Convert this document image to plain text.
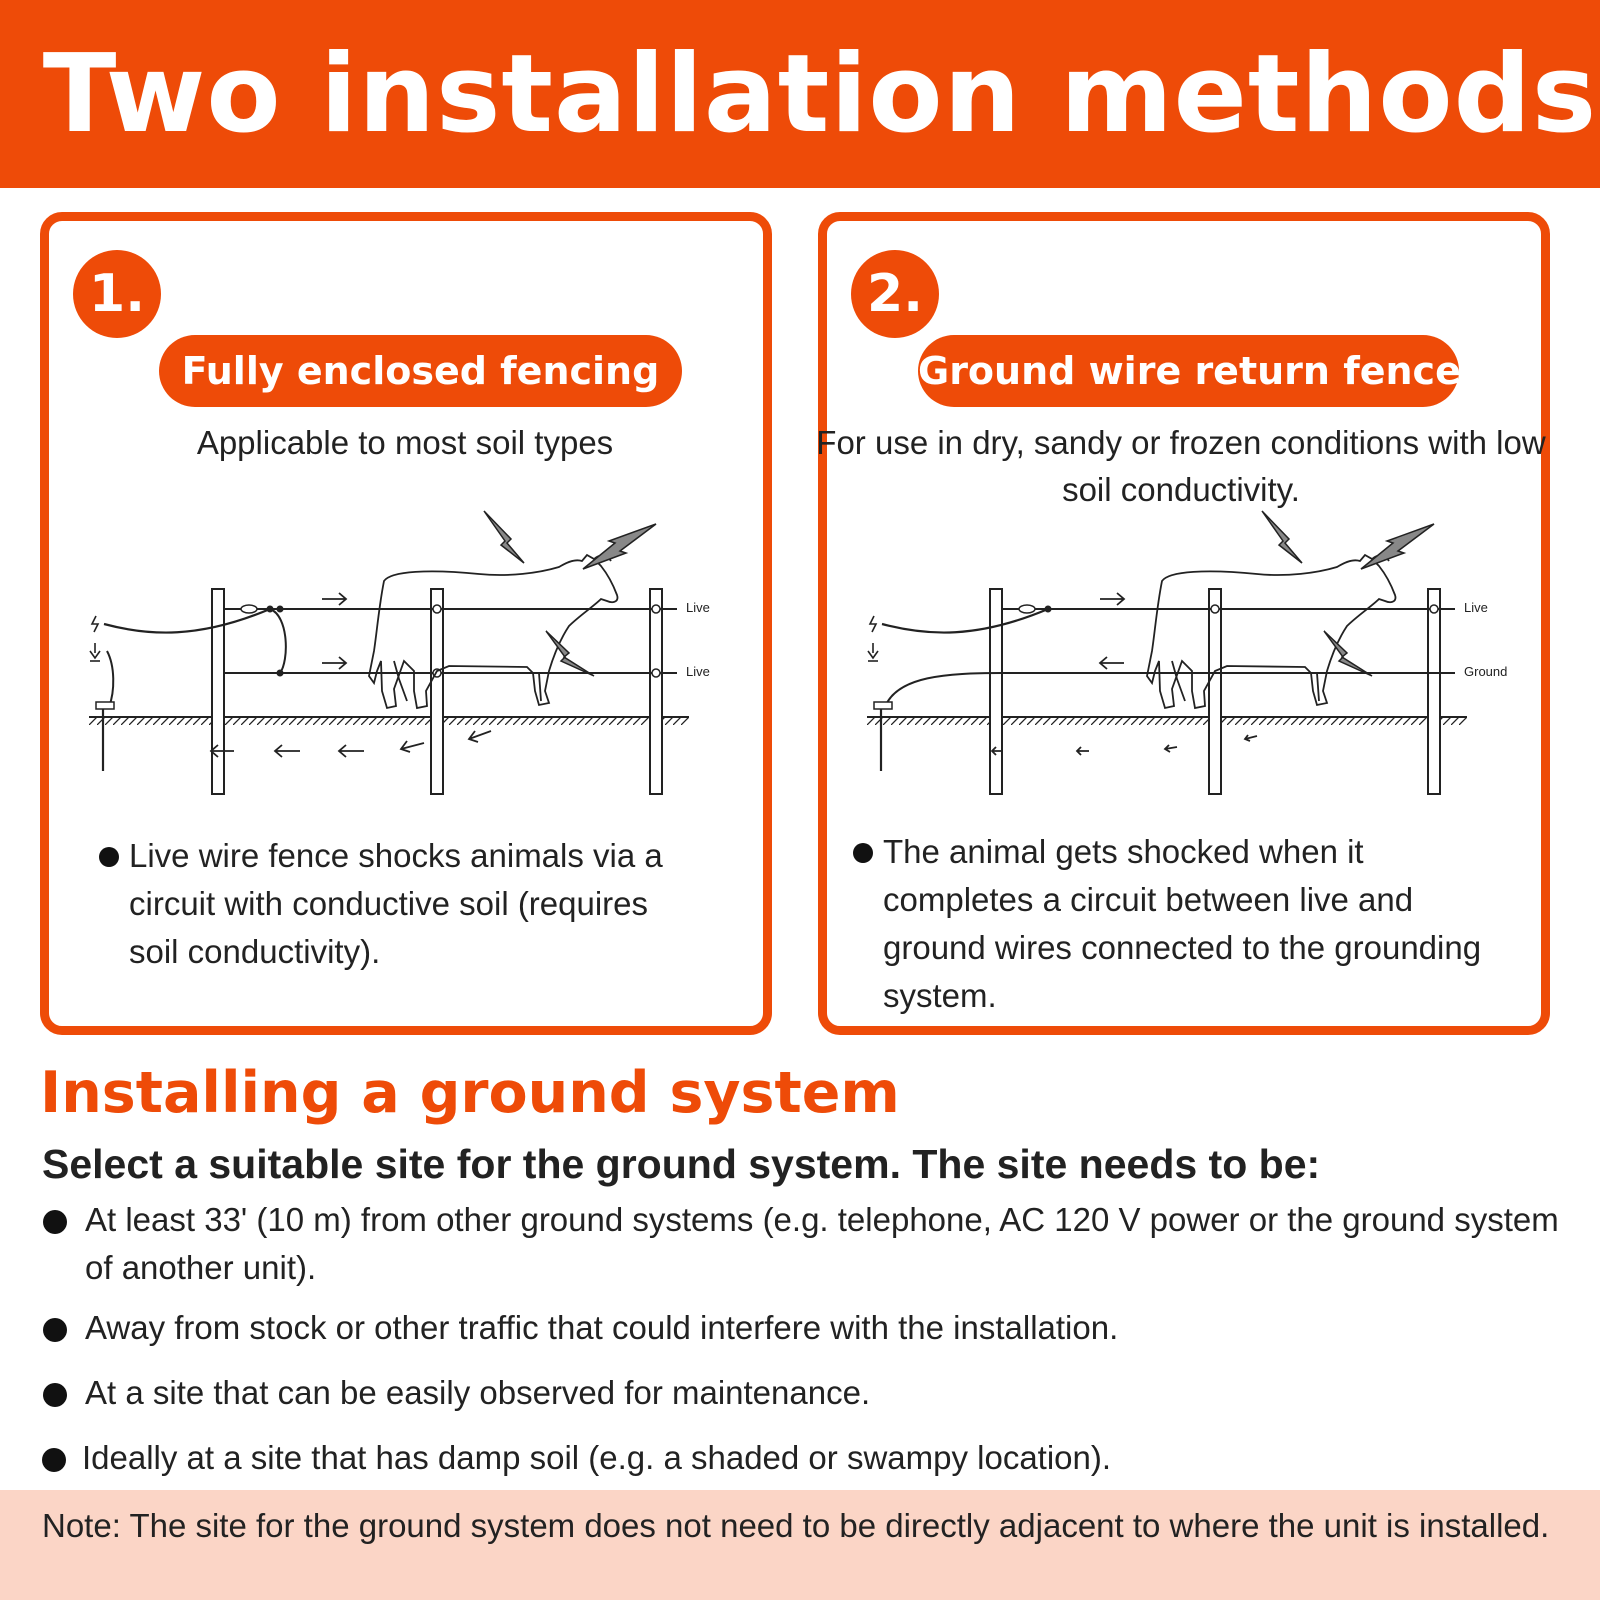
Two installation methods
1.
Fully enclosed fencing
Applicable to most soil types
Live
Live
Live wire fence shocks animals via a circuit with conductive soil (requires soil conductivity).
2.
Ground wire return fence
For use in dry, sandy or frozen conditions with low soil conductivity.
Live
Ground
The animal gets shocked when it completes a circuit between live and ground wires connected to the grounding system.
Installing a ground system

Select a suitable site for the ground system. The site needs to be:

At least 33' (10 m) from other ground systems (e.g. telephone, AC 120 V power or the ground system of another unit).
Away from stock or other traffic that could interfere with the installation.
At a site that can be easily observed for maintenance.
Ideally at a site that has damp soil (e.g. a shaded or swampy location).
Note: The site for the ground system does not need to be directly adjacent to where the unit is installed.
